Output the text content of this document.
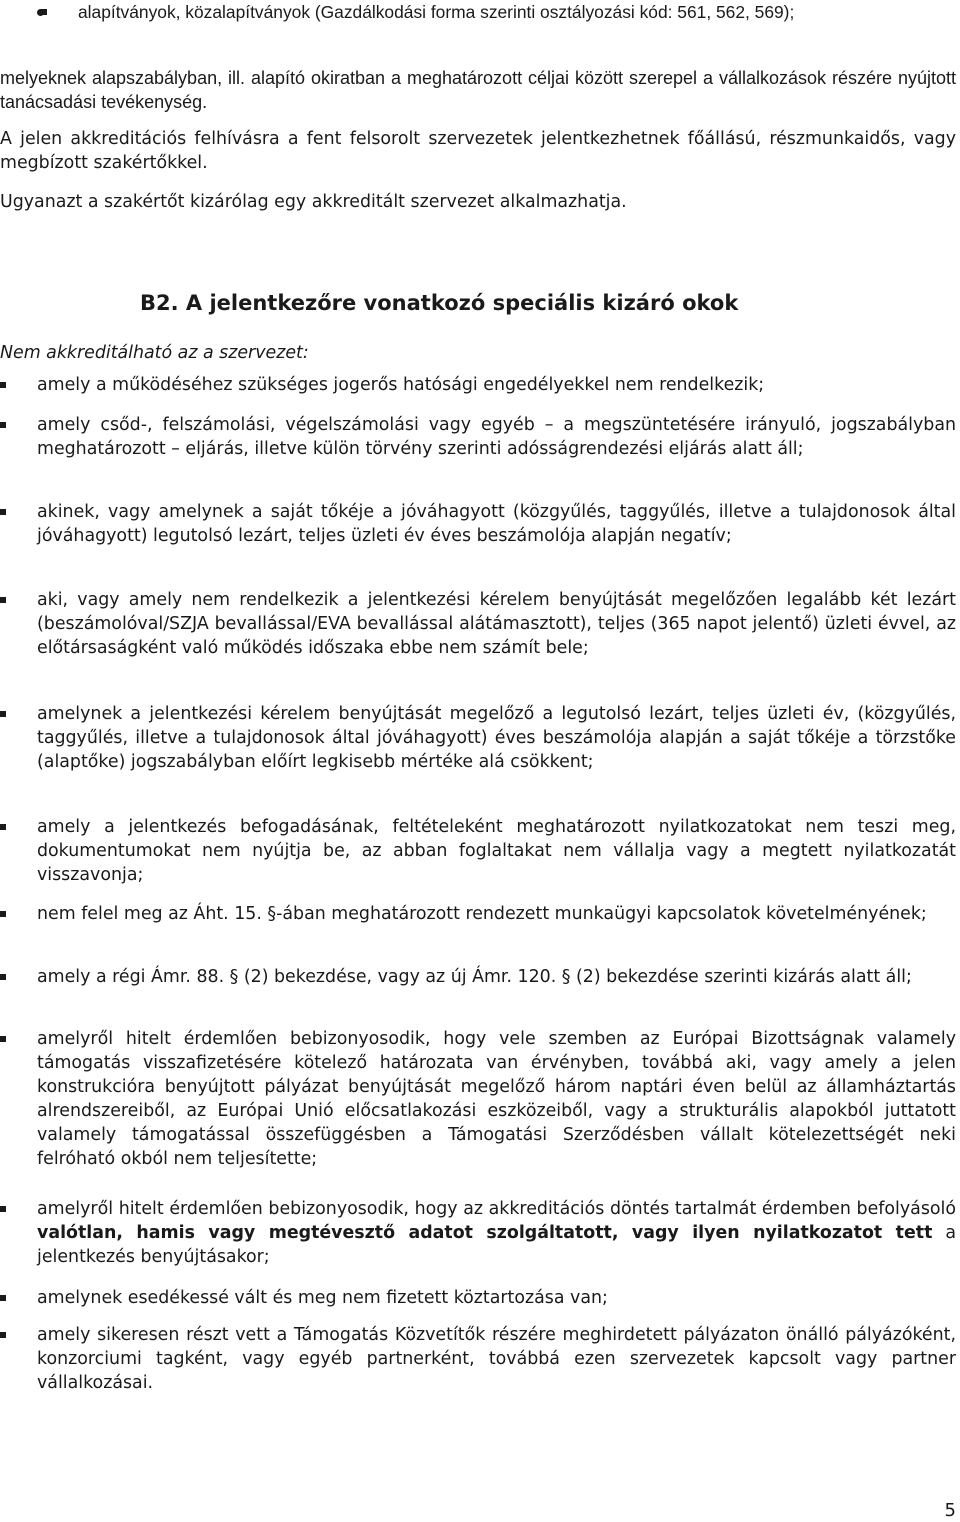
alapítványok, közalapítványok (Gazdálkodási forma szerinti osztályozási kód: 561, 562, 569);

melyeknek alapszabályban, ill. alapító okiratban a meghatározott céljai között szerepel a vállalkozások részére nyújtott tanácsadási tevékenység.

A jelen akkreditációs felhívásra a fent felsorolt szervezetek jelentkezhetnek főállású, részmunkaidős, vagy megbízott szakértőkkel.

Ugyanazt a szakértőt kizárólag egy akkreditált szervezet alkalmazhatja.

B2. A jelentkezőre vonatkozó speciális kizáró okok

Nem akkreditálható az a szervezet:

amely a működéséhez szükséges jogerős hatósági engedélyekkel nem rendelkezik;

amely csőd-, felszámolási, végelszámolási vagy egyéb – a megszüntetésére irányuló, jogszabályban meghatározott – eljárás, illetve külön törvény szerinti adósságrendezési eljárás alatt áll;

akinek, vagy amelynek a saját tőkéje a jóváhagyott (közgyűlés, taggyűlés, illetve a tulajdonosok által jóváhagyott) legutolsó lezárt, teljes üzleti év éves beszámolója alapján negatív;

aki, vagy amely nem rendelkezik a jelentkezési kérelem benyújtását megelőzően legalább két lezárt (beszámolóval/SZJA bevallással/EVA bevallással alátámasztott), teljes (365 napot jelentő) üzleti évvel, az előtársaságként való működés időszaka ebbe nem számít bele;

amelynek a jelentkezési kérelem benyújtását megelőző a legutolsó lezárt, teljes üzleti év, (közgyűlés, taggyűlés, illetve a tulajdonosok által jóváhagyott) éves beszámolója alapján a saját tőkéje a törzstőke (alaptőke) jogszabályban előírt legkisebb mértéke alá csökkent;

amely a jelentkezés befogadásának, feltételeként meghatározott nyilatkozatokat nem teszi meg, dokumentumokat nem nyújtja be, az abban foglaltakat nem vállalja vagy a megtett nyilatkozatát visszavonja;

nem felel meg az Áht. 15. §-ában meghatározott rendezett munkaügyi kapcsolatok követelményének;

amely a régi Ámr. 88. § (2) bekezdése, vagy az új Ámr. 120. § (2) bekezdése szerinti kizárás alatt áll;

amelyről hitelt érdemlően bebizonyosodik, hogy vele szemben az Európai Bizottságnak valamely támogatás visszafizetésére kötelező határozata van érvényben, továbbá aki, vagy amely a jelen konstrukcióra benyújtott pályázat benyújtását megelőző három naptári éven belül az államháztartás alrendszereiből, az Európai Unió előcsatlakozási eszközeiből, vagy a strukturális alapokból juttatott valamely támogatással összefüggésben a Támogatási Szerződésben vállalt kötelezettségét neki felróható okból nem teljesítette;

amelyről hitelt érdemlően bebizonyosodik, hogy az akkreditációs döntés tartalmát érdemben befolyásoló valótlan, hamis vagy megtévesztő adatot szolgáltatott, vagy ilyen nyilatkozatot tett a jelentkezés benyújtásakor;

amelynek esedékessé vált és meg nem fizetett köztartozása van;

amely sikeresen részt vett a Támogatás Közvetítők részére meghirdetett pályázaton önálló pályázóként, konzorciumi tagként, vagy egyéb partnerként, továbbá ezen szervezetek kapcsolt vagy partner vállalkozásai.

5
